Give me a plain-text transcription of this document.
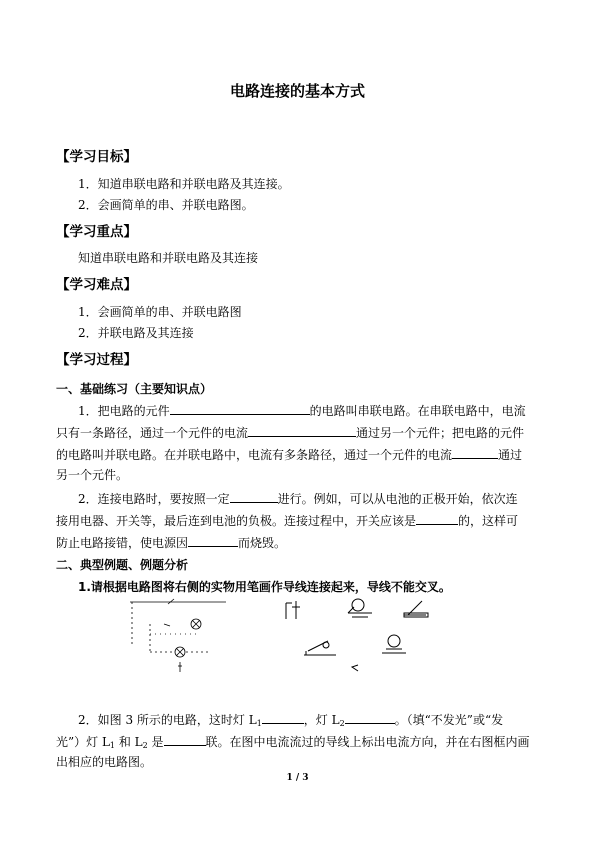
电路连接的基本方式
【学习目标】
1．知道串联电路和并联电路及其连接。
2．会画简单的串、并联电路图。
【学习重点】
知道串联电路和并联电路及其连接
【学习难点】
1．会画简单的串、并联电路图
2．并联电路及其连接
【学习过程】
一、基础练习（主要知识点）
1．把电路的元件	的电路叫串联电路。在串联电路中，电流
只有一条路径，通过一个元件的电流	通过另一个元件；把电路的元件
的电路叫并联电路。在并联电路中，电流有多条路径，通过一个元件的电流	通过
另一个元件。
2．连接电路时，要按照一定	进行。例如，可以从电池的正极开始，依次连
接用电器、开关等，最后连到电池的负极。连接过程中，开关应该是	的，这样可
防止电路接错，使电源因	而烧毁。
二、典型例题、例题分析
1.请根据电路图将右侧的实物用笔画作导线连接起来，导线不能交叉。
2．如图 3 所示的电路，这时灯 $L_1$	，灯 $L_2$	。（填“不发光”或“发
光”）灯 $L_1$ 和 $L_2$ 是	联。在图中电流流过的导线上标出电流方向，并在右图框内画
出相应的电路图。
1 / 3
